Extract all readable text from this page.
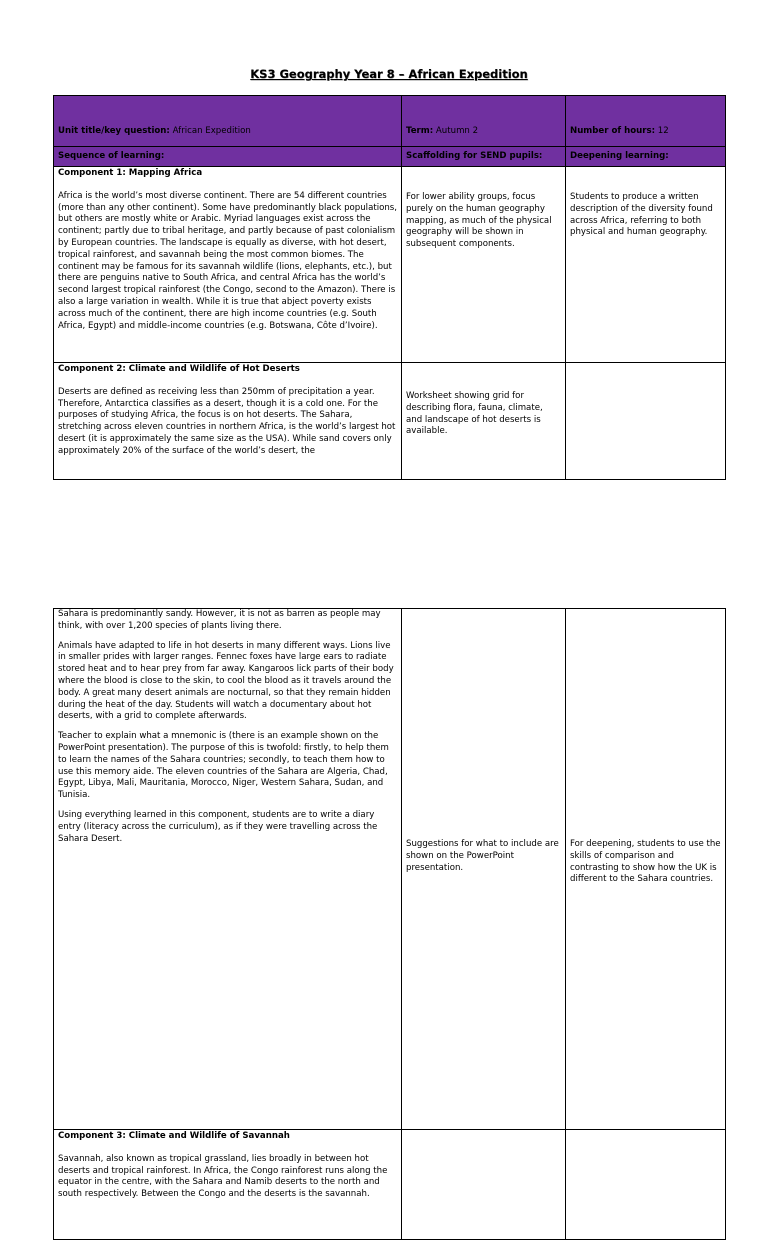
KS3 Geography Year 8 – African Expedition
Unit title/key question: African Expedition	Term: Autumn 2	Number of hours: 12
Sequence of learning:	Scaffolding for SEND pupils:	Deepening learning:

Component 1: Mapping Africa

Africa is the world’s most diverse continent. There are 54 different countries (more than any other continent). Some have predominantly black populations, but others are mostly white or Arabic. Myriad languages exist across the continent; partly due to tribal heritage, and partly because of past colonialism by European countries. The landscape is equally as diverse, with hot desert, tropical rainforest, and savannah being the most common biomes. The continent may be famous for its savannah wildlife (lions, elephants, etc.), but there are penguins native to South Africa, and central Africa has the world’s second largest tropical rainforest (the Congo, second to the Amazon). There is also a large variation in wealth. While it is true that abject poverty exists across much of the continent, there are high income countries (e.g. South Africa, Egypt) and middle-income countries (e.g. Botswana, Côte d’Ivoire).	For lower ability groups, focus purely on the human geography mapping, as much of the physical geography will be shown in subsequent components.	Students to produce a written description of the diversity found across Africa, referring to both physical and human geography.

Component 2: Climate and Wildlife of Hot Deserts

Deserts are defined as receiving less than 250mm of precipitation a year. Therefore, Antarctica classifies as a desert, though it is a cold one. For the purposes of studying Africa, the focus is on hot deserts. The Sahara, stretching across eleven countries in northern Africa, is the world’s largest hot desert (it is approximately the same size as the USA). While sand covers only approximately 20% of the surface of the world’s desert, the	Worksheet showing grid for describing flora, fauna, climate, and landscape of hot deserts is available.	

Sahara is predominantly sandy. However, it is not as barren as people may think, with over 1,200 species of plants living there.

Animals have adapted to life in hot deserts in many different ways. Lions live in smaller prides with larger ranges. Fennec foxes have large ears to radiate stored heat and to hear prey from far away. Kangaroos lick parts of their body where the blood is close to the skin, to cool the blood as it travels around the body. A great many desert animals are nocturnal, so that they remain hidden during the heat of the day. Students will watch a documentary about hot deserts, with a grid to complete afterwards.

Teacher to explain what a mnemonic is (there is an example shown on the PowerPoint presentation). The purpose of this is twofold: firstly, to help them to learn the names of the Sahara countries; secondly, to teach them how to use this memory aide. The eleven countries of the Sahara are Algeria, Chad, Egypt, Libya, Mali, Mauritania, Morocco, Niger, Western Sahara, Sudan, and Tunisia.

Using everything learned in this component, students are to write a diary entry (literacy across the curriculum), as if they were travelling across the Sahara Desert.	Suggestions for what to include are shown on the PowerPoint presentation.	For deepening, students to use the skills of comparison and contrasting to show how the UK is different to the Sahara countries.

Component 3: Climate and Wildlife of Savannah

Savannah, also known as tropical grassland, lies broadly in between hot deserts and tropical rainforest. In Africa, the Congo rainforest runs along the equator in the centre, with the Sahara and Namib deserts to the north and south respectively. Between the Congo and the deserts is the savannah.		
